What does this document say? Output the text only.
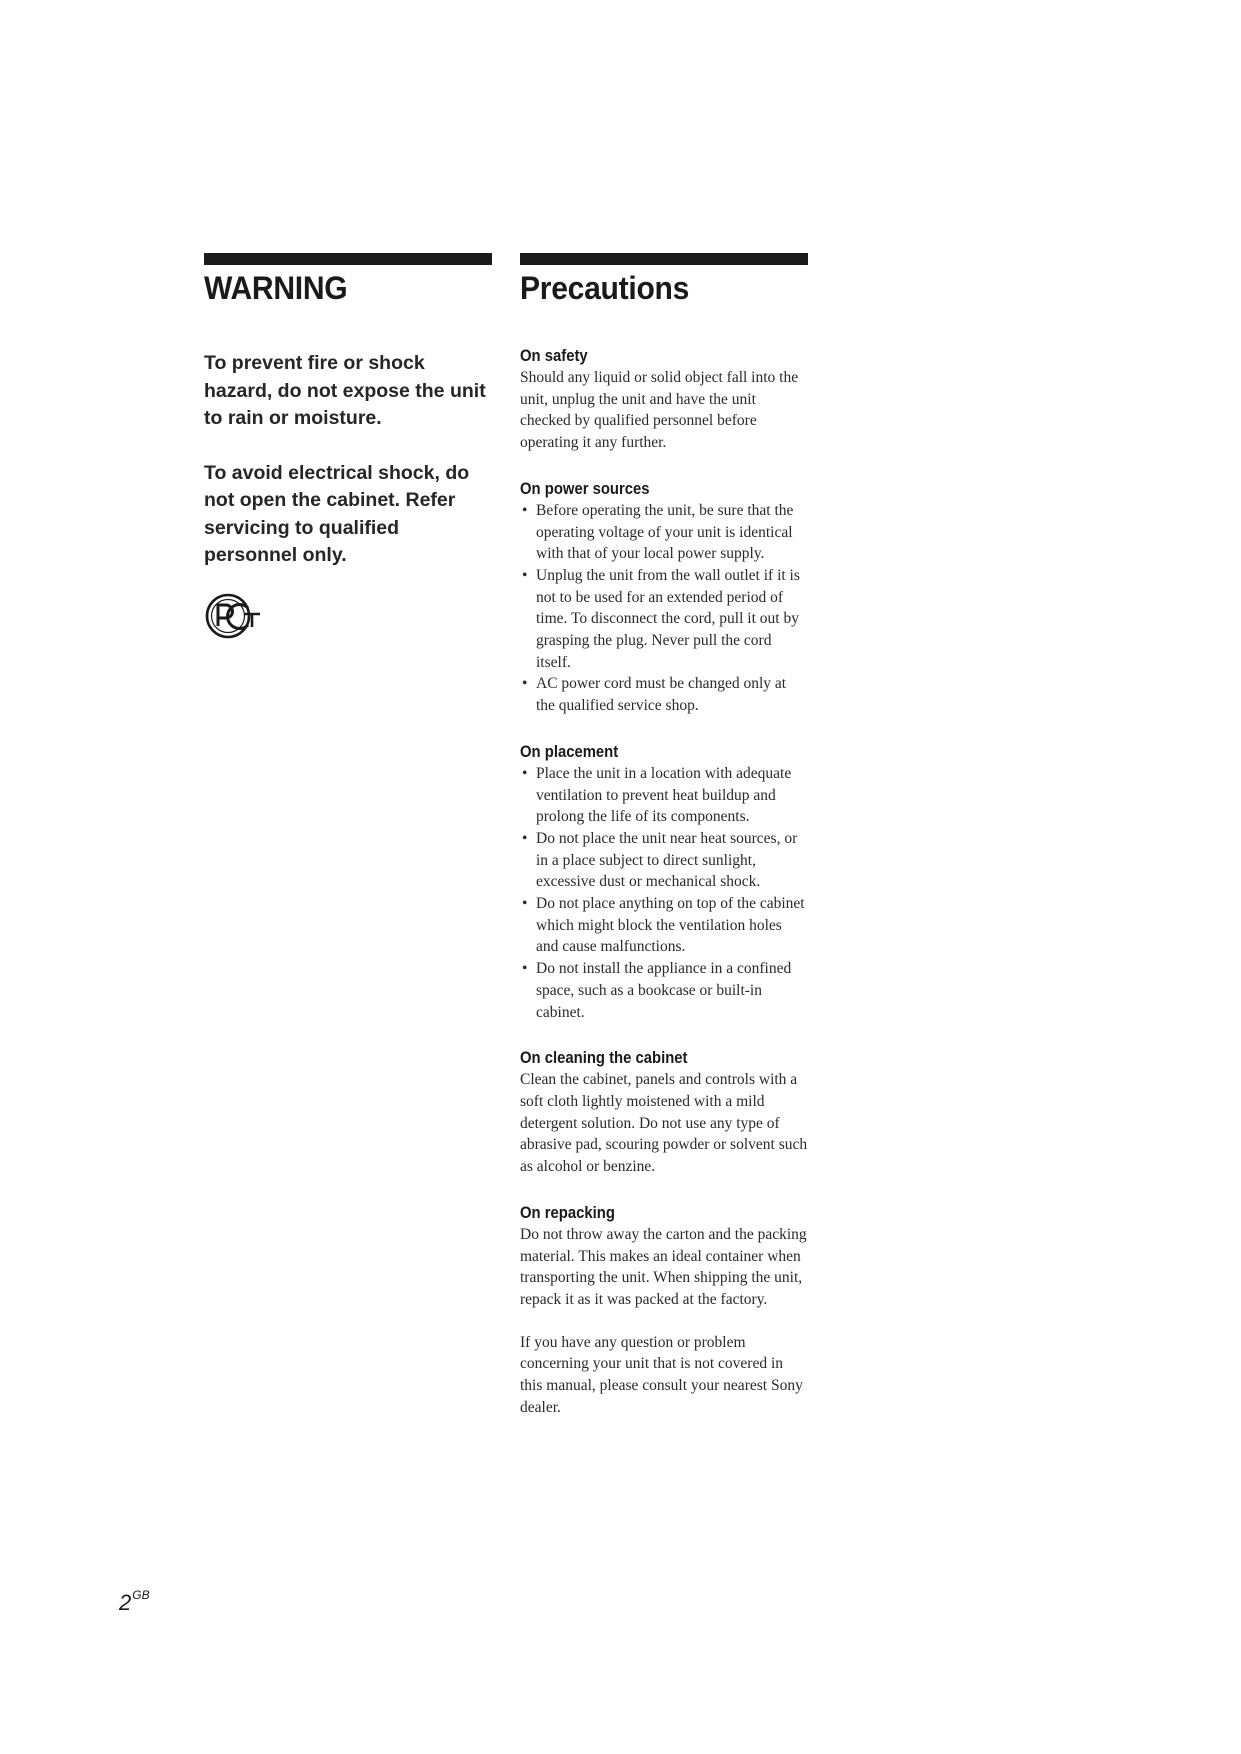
WARNING

To prevent fire or shock hazard, do not expose the unit to rain or moisture.

To avoid electrical shock, do not open the cabinet. Refer servicing to qualified personnel only.

Precautions
On safety

Should any liquid or solid object fall into the unit, unplug the unit and have the unit checked by qualified personnel before operating it any further.

On power sources
• Before operating the unit, be sure that the operating voltage of your unit is identical with that of your local power supply.
• Unplug the unit from the wall outlet if it is not to be used for an extended period of time. To disconnect the cord, pull it out by grasping the plug. Never pull the cord itself.
• AC power cord must be changed only at the qualified service shop.
On placement
• Place the unit in a location with adequate ventilation to prevent heat buildup and prolong the life of its components.
• Do not place the unit near heat sources, or in a place subject to direct sunlight, excessive dust or mechanical shock.
• Do not place anything on top of the cabinet which might block the ventilation holes and cause malfunctions.
• Do not install the appliance in a confined space, such as a bookcase or built-in cabinet.
On cleaning the cabinet

Clean the cabinet, panels and controls with a soft cloth lightly moistened with a mild detergent solution. Do not use any type of abrasive pad, scouring powder or solvent such as alcohol or benzine.

On repacking

Do not throw away the carton and the packing material. This makes an ideal container when transporting the unit. When shipping the unit, repack it as it was packed at the factory.

If you have any question or problem concerning your unit that is not covered in this manual, please consult your nearest Sony dealer.

$2^{GB}$
